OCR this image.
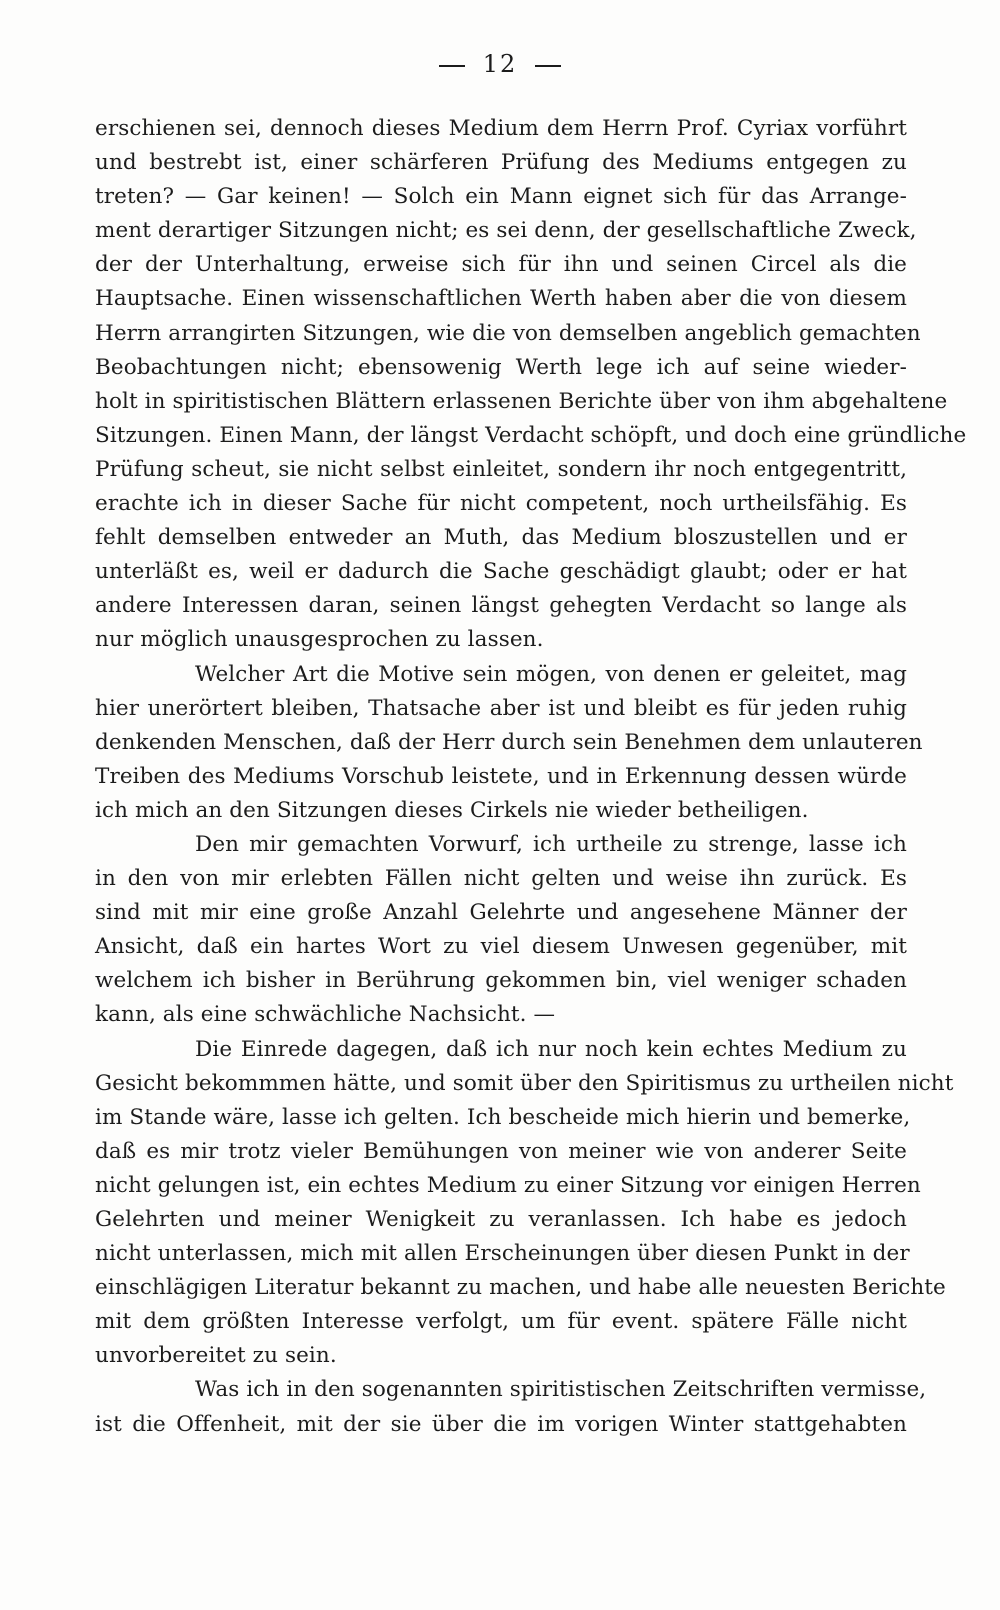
12
erschienen sei, dennoch dieses Medium dem Herrn Prof. Cyriax vorführt
und bestrebt ist, einer schärferen Prüfung des Mediums entgegen zu
treten? — Gar keinen! — Solch ein Mann eignet sich für das Arrange-
ment derartiger Sitzungen nicht; es sei denn, der gesellschaftliche Zweck,
der der Unterhaltung, erweise sich für ihn und seinen Circel als die
Hauptsache. Einen wissenschaftlichen Werth haben aber die von diesem
Herrn arrangirten Sitzungen, wie die von demselben angeblich gemachten
Beobachtungen nicht; ebensowenig Werth lege ich auf seine wieder-
holt in spiritistischen Blättern erlassenen Berichte über von ihm abgehaltene
Sitzungen. Einen Mann, der längst Verdacht schöpft, und doch eine gründliche
Prüfung scheut, sie nicht selbst einleitet, sondern ihr noch entgegentritt,
erachte ich in dieser Sache für nicht competent, noch urtheilsfähig. Es
fehlt demselben entweder an Muth, das Medium bloszustellen und er
unterläßt es, weil er dadurch die Sache geschädigt glaubt; oder er hat
andere Interessen daran, seinen längst gehegten Verdacht so lange als
nur möglich unausgesprochen zu lassen.
Welcher Art die Motive sein mögen, von denen er geleitet, mag
hier unerörtert bleiben, Thatsache aber ist und bleibt es für jeden ruhig
denkenden Menschen, daß der Herr durch sein Benehmen dem unlauteren
Treiben des Mediums Vorschub leistete, und in Erkennung dessen würde
ich mich an den Sitzungen dieses Cirkels nie wieder betheiligen.
Den mir gemachten Vorwurf, ich urtheile zu strenge, lasse ich
in den von mir erlebten Fällen nicht gelten und weise ihn zurück. Es
sind mit mir eine große Anzahl Gelehrte und angesehene Männer der
Ansicht, daß ein hartes Wort zu viel diesem Unwesen gegenüber, mit
welchem ich bisher in Berührung gekommen bin, viel weniger schaden
kann, als eine schwächliche Nachsicht. —
Die Einrede dagegen, daß ich nur noch kein echtes Medium zu
Gesicht bekommmen hätte, und somit über den Spiritismus zu urtheilen nicht
im Stande wäre, lasse ich gelten. Ich bescheide mich hierin und bemerke,
daß es mir trotz vieler Bemühungen von meiner wie von anderer Seite
nicht gelungen ist, ein echtes Medium zu einer Sitzung vor einigen Herren
Gelehrten und meiner Wenigkeit zu veranlassen. Ich habe es jedoch
nicht unterlassen, mich mit allen Erscheinungen über diesen Punkt in der
einschlägigen Literatur bekannt zu machen, und habe alle neuesten Berichte
mit dem größten Interesse verfolgt, um für event. spätere Fälle nicht
unvorbereitet zu sein.
Was ich in den sogenannten spiritistischen Zeitschriften vermisse,
ist die Offenheit, mit der sie über die im vorigen Winter stattgehabten
